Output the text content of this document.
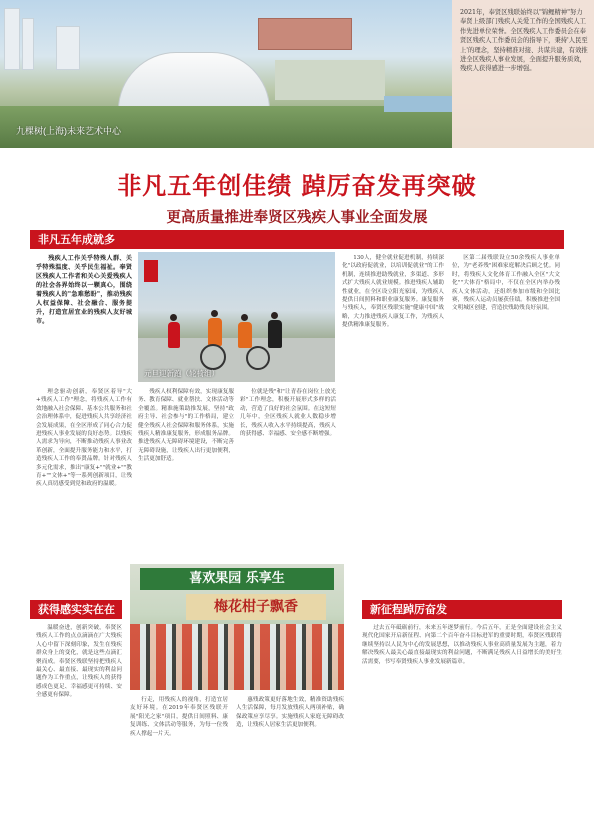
九棵树(上海)未来艺术中心

2021年，奉贤区残联始终以"锦鲤精神"努力奉贤上级部门残疾人关爱工作的全国残疾人工作先进单位荣誉。全区残疾人工作委员会在奉贤区残疾人工作委员会的指导下，秉持'人民至上'的理念，坚持精准对接、共谋共建，有效推进全区残疾人事业发展，全面提升服务质效，残疾人获得感进一步增强。

非凡五年创佳绩 踔厉奋发再突破
更高质量推进奉贤区残疾人事业全面发展
非凡五年成就多

残疾人工作关乎特殊人群、关乎特殊温度、关乎民生福祉。奉贤区残疾人工作者和关心关爱残疾人的社会各界始终以一颗真心，围绕着残疾人的"急难愁盼"，推动残疾人权益保障、社会融合、服务提升，打造宜居宜业的残疾人友好城市。

元旦迎新跑（轮椅组）

理念驱动创新，奉贤区着导"大+残疾人工作"理念，将残疾人工作有效地融入社会保障、基本公共服务和社会治理体系中，促进残疾人共享经济社会发展成果，在全区形成了同心合力促进残疾人事业发展的良好态势。以残疾人需求为导向，不断推动残疾人事业改革创新，全面提升服务能力和水平，打造残疾人工作的奉贤品牌。针对残疾人多元化需求，推出"康复+""就业+""教育+""文体+"等一系列创新项目，让残疾人真切感受到党和政府的温暖。

残疾人权利保障有效，实现康复服务、教育保障、就业帮扶、文体活动等全覆盖。精准施策助推发展，坚持"政府主导、社会参与"的工作格局，建立健全残疾人社会保障和服务体系，实施残疾人精准康复服务，形成服务品牌。推进残疾人无障碍环境建设，不断完善无障碍设施，让残疾人出行更加便利，生活更加舒适。

位就是残"和"让青春在岗位上放光彩"工作理念，积极开展形式多样的活动，营造了良好的社会氛围。在这短短几年中，全区残疾人就业人数稳步增长，残疾人收入水平持续提高，残疾人的获得感、幸福感、安全感不断增强。

130人，健全就业促进机制，持续深化"以政府促就业，以培训促就业"的工作机制，连续推进助残就业，多渠道、多形式扩大残疾人就业规模。推进残疾人辅助性就业，在全区设立阳光家园，为残疾人提供日间照料和职业康复服务。康复服务与残疾人，奉贤区残联实施"健康中国"战略，大力推进残疾人康复工作，为残疾人提供精准康复服务。

区第二届残联设立50余残疾人事业单位，为"老养残"困难家庭解决后顾之忧。同时，将残疾人文化体育工作融入全区"大文化""大体育"格局中，不仅在全区内举办残疾人文体活动，还组织参加市级和全国比赛，残疾人运动员屡获佳绩。积极推进全国文明城区创建，营造扶残助残良好氛围。

喜欢果园 乐享生
梅花柑子飘香
获得感实实在在	新征程踔厉奋发

温暖奋进，创新突破，奉贤区残疾人工作的点点滴滴在广大残疾人心中留下深刻印象，发生在残疾群众身上的变化，就是这些点滴汇聚而成。奉贤区残联坚持把残疾人最关心、最直接、最现实的利益问题作为工作重点，让残疾人的获得感成色更足、幸福感更可持续、安全感更有保障。

行走，用残疾人的视角，打造宜居友好环境。在2019年奉贤区残联开展"阳光之家"项目，提供日间照料、康复训练、文体活动等服务，为每一位残疾人撑起一片天。

惠残政策更好落地生效，精准资助残疾人生活保障，每月发放残疾人两项补贴，确保政策应享尽享。实施残疾人家庭无障碍改造，让残疾人居家生活更加便利。

过去五年砥砺前行，未来五年逐梦前行。今后五年，正是全面建设社会主义现代化国家开启新征程、向第二个百年奋斗目标进军的重要时期，奉贤区残联将继续坚持以人民为中心的发展思想，以推动残疾人事业高质量发展为主题，着力解决残疾人最关心最直接最现实的利益问题，不断满足残疾人日益增长的美好生活需要，书写奉贤残疾人事业发展新篇章。
